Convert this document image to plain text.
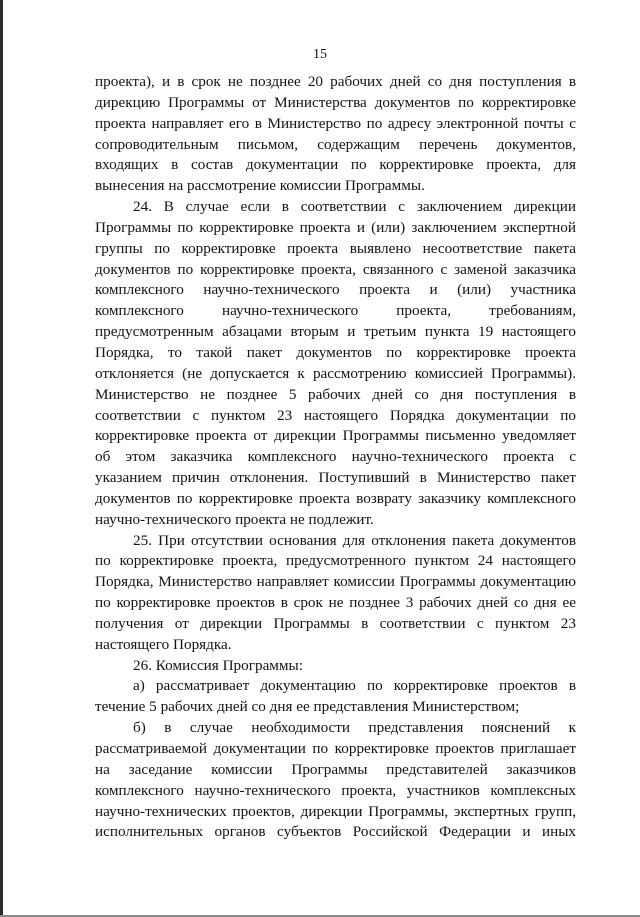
15

проекта), и в срок не позднее 20 рабочих дней со дня поступления в дирекцию Программы от Министерства документов по корректировке проекта направляет его в Министерство по адресу электронной почты с сопроводительным письмом, содержащим перечень документов, входящих в состав документации по корректировке проекта, для вынесения на рассмотрение комиссии Программы.

24. В случае если в соответствии с заключением дирекции Программы по корректировке проекта и (или) заключением экспертной группы по корректировке проекта выявлено несоответствие пакета документов по корректировке проекта, связанного с заменой заказчика комплексного научно-технического проекта и (или) участника комплексного научно-технического проекта, требованиям, предусмотренным абзацами вторым и третьим пункта 19 настоящего Порядка, то такой пакет документов по корректировке проекта отклоняется (не допускается к рассмотрению комиссией Программы). Министерство не позднее 5 рабочих дней со дня поступления в соответствии с пунктом 23 настоящего Порядка документации по корректировке проекта от дирекции Программы письменно уведомляет об этом заказчика комплексного научно-технического проекта с указанием причин отклонения. Поступивший в Министерство пакет документов по корректировке проекта возврату заказчику комплексного научно-технического проекта не подлежит.

25. При отсутствии основания для отклонения пакета документов по корректировке проекта, предусмотренного пунктом 24 настоящего Порядка, Министерство направляет комиссии Программы документацию по корректировке проектов в срок не позднее 3 рабочих дней со дня ее получения от дирекции Программы в соответствии с пунктом 23 настоящего Порядка.

26. Комиссия Программы:

а) рассматривает документацию по корректировке проектов в течение 5 рабочих дней со дня ее представления Министерством;

б) в случае необходимости представления пояснений к рассматриваемой документации по корректировке проектов приглашает на заседание комиссии Программы представителей заказчиков комплексного научно-технического проекта, участников комплексных научно-технических проектов, дирекции Программы, экспертных групп, исполнительных органов субъектов Российской Федерации и иных
